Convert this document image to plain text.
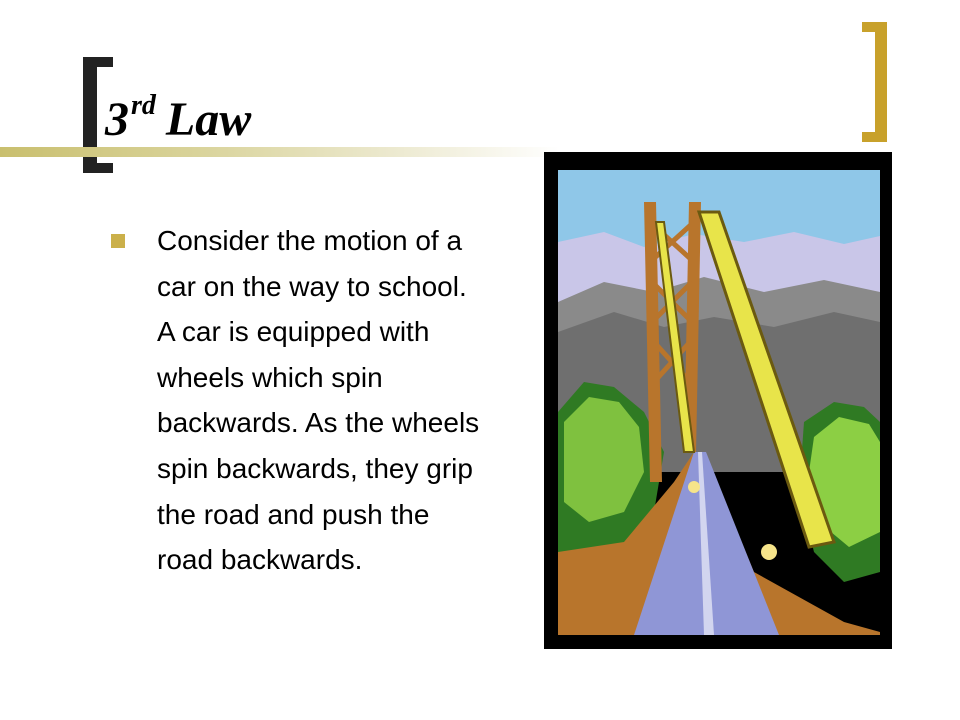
3rd Law
Consider the motion of a car on the way to school. A car is equipped with wheels which spin backwards. As the wheels spin backwards, they grip the road and push the road backwards.
